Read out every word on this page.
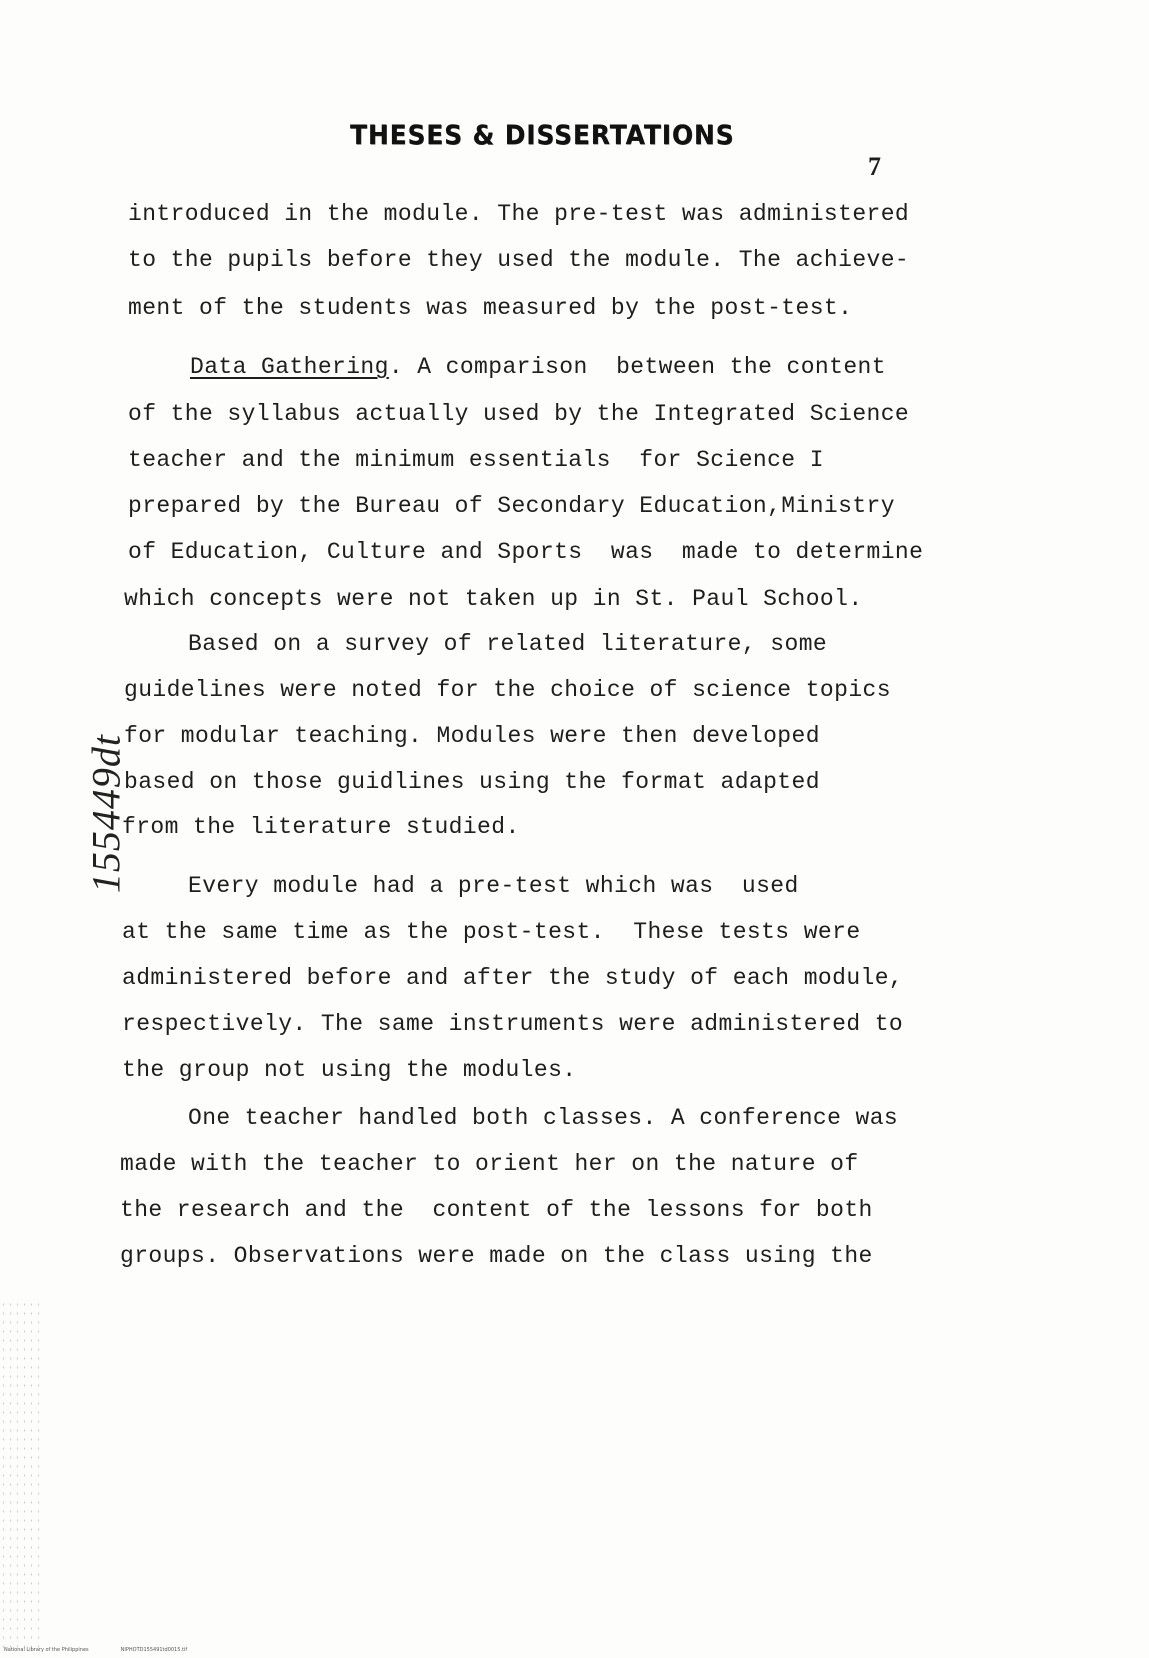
THESES & DISSERTATIONS
7
155449dt
introduced in the module. The pre-test was administered
to the pupils before they used the module. The achieve-
ment of the students was measured by the post-test.
Data Gathering. A comparison  between the content
of the syllabus actually used by the Integrated Science
teacher and the minimum essentials  for Science I
prepared by the Bureau of Secondary Education,Ministry
of Education, Culture and Sports  was  made to determine
which concepts were not taken up in St. Paul School.
Based on a survey of related literature, some
guidelines were noted for the choice of science topics
for modular teaching. Modules were then developed
based on those guidlines using the format adapted
from the literature studied.
Every module had a pre-test which was  used
at the same time as the post-test.  These tests were
administered before and after the study of each module,
respectively. The same instruments were administered to
the group not using the modules.
One teacher handled both classes. A conference was
made with the teacher to orient her on the nature of
the research and the  content of the lessons for both
groups. Observations were made on the class using the
National Library of the Philippines	NIPHOTD155491td0015.tif
